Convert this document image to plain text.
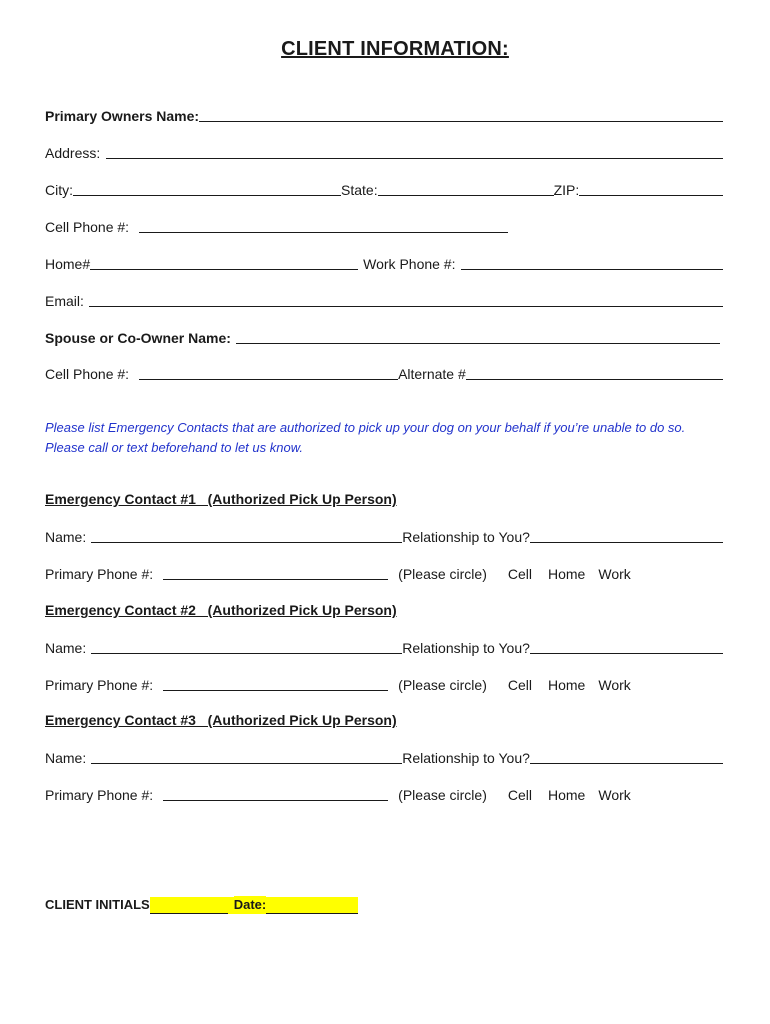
CLIENT INFORMATION:
Primary Owners Name:
Address:
City:	State:	ZIP:
Cell Phone #:
Home#	Work Phone #:
Email:
Spouse or Co-Owner Name:
Cell Phone #:	Alternate #
Please list Emergency Contacts that are authorized to pick up your dog on your behalf if you’re unable to do so.
Please call or text beforehand to let us know.
Emergency Contact #1   (Authorized Pick Up Person)
Name:	Relationship to You?
Primary Phone #:	(Please circle) Cell Home Work
Emergency Contact #2   (Authorized Pick Up Person)
Name:	Relationship to You?
Primary Phone #:	(Please circle) Cell Home Work
Emergency Contact #3   (Authorized Pick Up Person)
Name:	Relationship to You?
Primary Phone #:	(Please circle) Cell Home Work
CLIENT INITIALS	Date:
